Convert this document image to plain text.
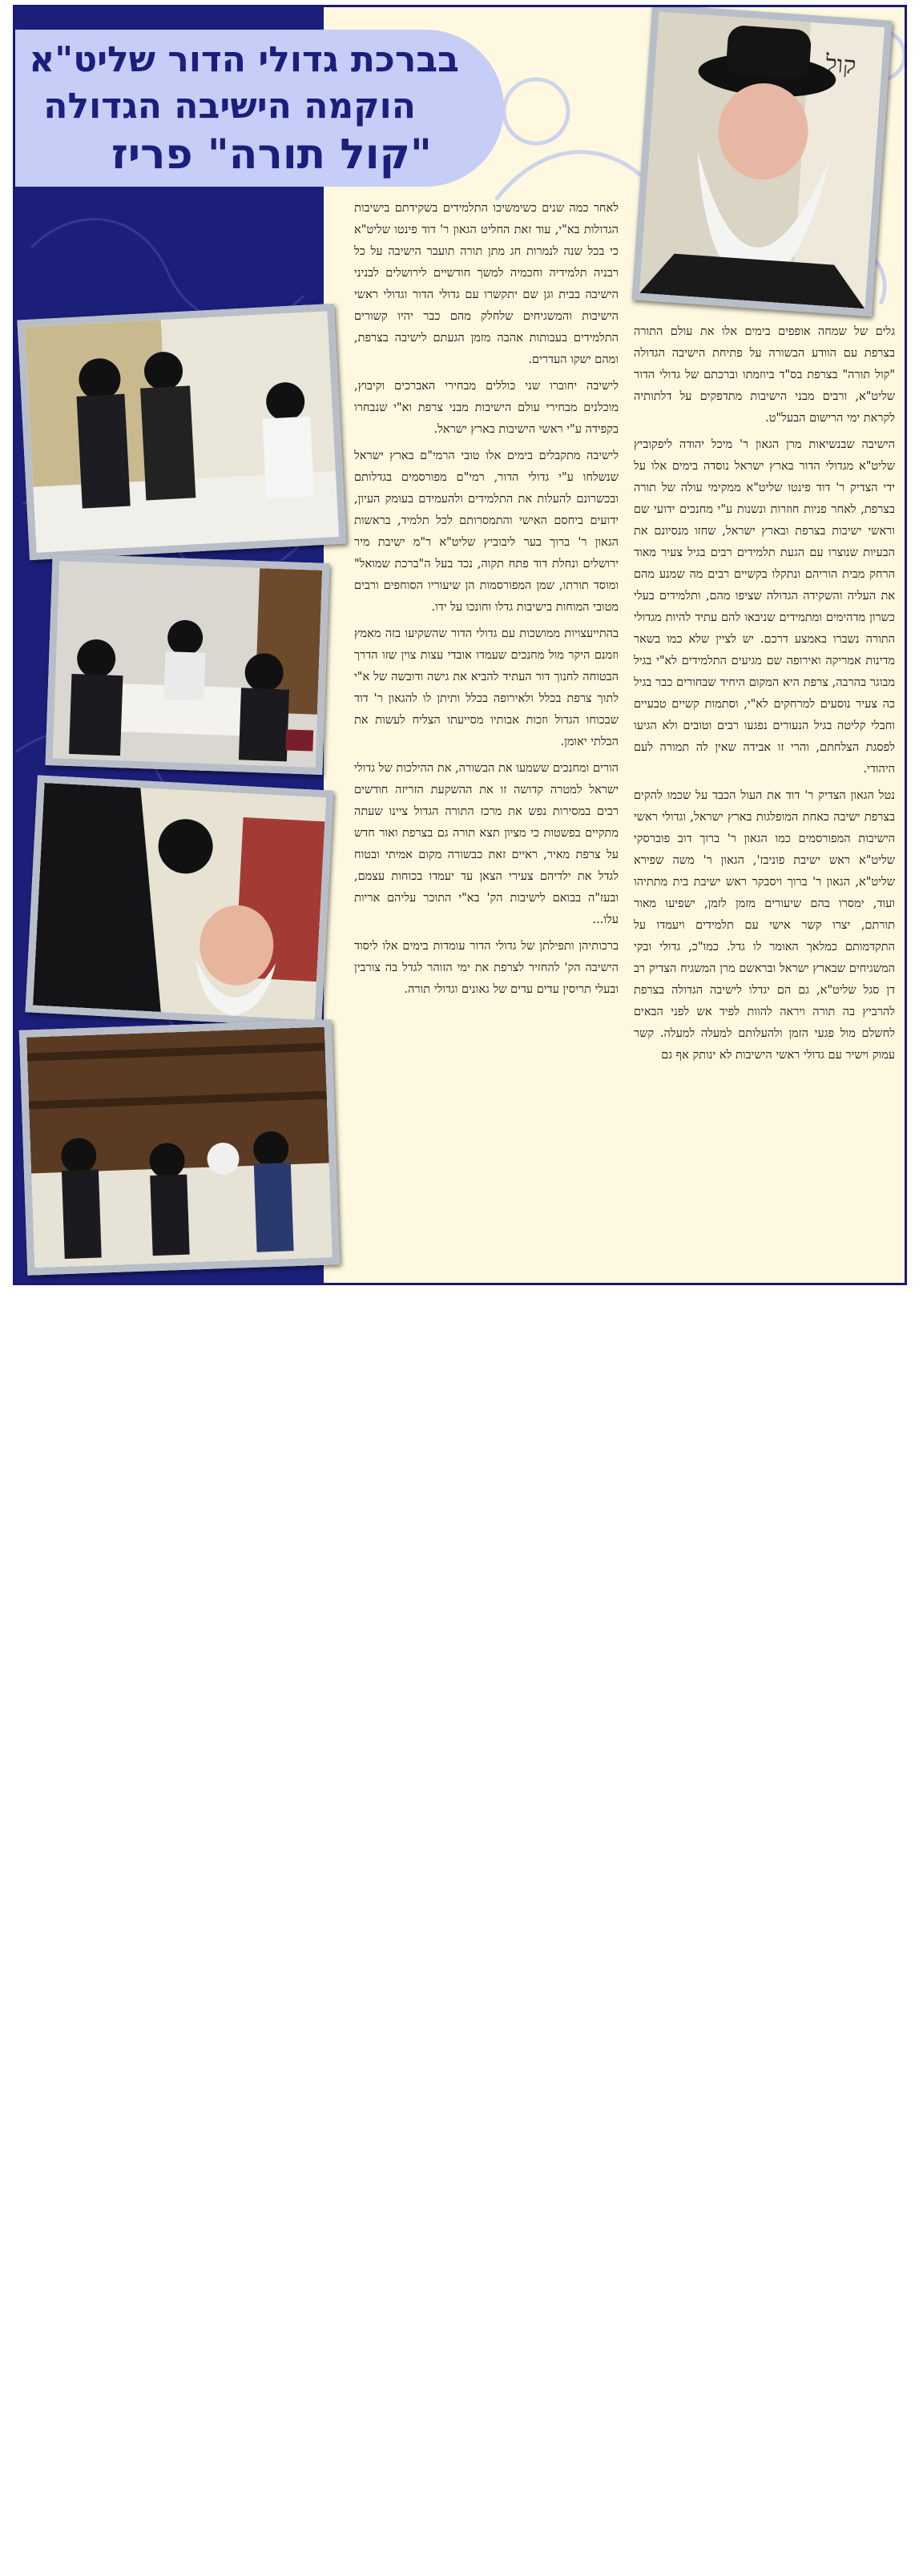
בברכת גדולי הדור שליט"א
הוקמה הישיבה הגדולה
"קול תורה" פריז
קול

גלים של שמחה אופפים בימים אלו את עולם התורה בצרפת עם הוודע הבשורה על פתיחת הישיבה הגדולה "קול תורה" בצרפת בס"ד ביוזמתו וברכתם של גדולי הדור שליט"א, ורבים מבני הישיבות מתדפקים על דלתותיה לקראת ימי הרישום הבעל"ט.

הישיבה שבנשיאות מרן הגאון ר' מיכל יהודה ליפקוביץ שליט"א מגדולי הדור בארץ ישראל נוסדה בימים אלו על ידי הצדיק ר' דוד פינטו שליט"א ממקימי עולה של תורה בצרפת, לאחר פניות חוזרות ונשנות ע"י מחנכים ידועי שם וראשי ישיבות בצרפת ובארץ ישראל, שחזו מנסיונם את הבעיות שנוצרו עם הגעת תלמידים רבים בגיל צעיר מאוד הרחק מבית הוריהם ונתקלו בקשיים רבים מה שמנע מהם את העליה והשקידה הגדולה שציפו מהם, ותלמידים בעלי כשרון מדהימים ומתמידים שניבאו להם עתיד להיות מגדולי התורה נשברו באמצע דרכם. יש לציין שלא כמו בשאר מדינות אמריקה ואירופה שם מגיעים התלמידים לא"י בגיל מבוגר בהרבה, צרפת היא המקום היחיד שבחורים כבר בגיל כה צעיר נוסעים למרחקים לא"י, וסתמות קשיים טבעיים וחבלי קליטה בגיל הנעורים נפגעו רבים וטובים ולא הגיעו לפסגת הצלחתם, והרי זו אבידה שאין לה תמורה לעם היהודי.

נטל הגאון הצדיק ר' דוד את העול הכבד על שכמו להקים בצרפת ישיבה כאחת המופלגות בארץ ישראל, וגדולי ראשי הישיבות המפורסמים כמו הגאון ר' ברוך דוב פוברסקי שליט"א ראש ישיבת פוניבז', הגאון ר' משה שפירא שליט"א, הגאון ר' ברוך ויסבקר ראש ישיבת בית מתתיהו ועוד, ימסרו בהם שיעורים מזמן לזמן, ישפיעו מאור תורתם, יצרו קשר אישי עם תלמידים ויעמדו על התקדמותם כמלאך האומר לו גדל. כמו"כ, גדולי ובקי המשגיחים שבארץ ישראל ובראשם מרן המשגיח הצדיק רב דן סגל שליט"א, גם הם יגדלו לישיבה הגדולה בצרפת להרביץ בה תורה ויראה להוות לפיד אש לפני הבאים לחשלם מול פגעי הזמן ולהעלותם למעלה למעלה. קשר עמוק וישיר עם גדולי ראשי הישיבות לא ינותק אף גם

לאחר כמה שנים כשימשיכו התלמידים בשקידתם בישיבות הגדולות בא"י, עוד זאת החליט הגאון ר' דוד פינטו שליט"א כי בכל שנה לנמרות חג מתן תורה תועבר הישיבה על כל רבניה תלמידיה וחכמיה למשך חודשיים לירושלים לבניני הישיבה בבית וגן שם יתקשרו עם גדולי הדור וגדולי ראשי הישיבות והמשגיחים שלחלק מהם כבר יהיו קשורים התלמידים בעבותות אהבה מזמן הגעתם לישיבה בצרפת, ומהם ישקו העדרים.

לישיבה יחוברו שני כוללים מבחירי האברכים וקיבוץ, מוכלנים מבחירי עולם הישיבות מבני צרפת וא"י שנבחרו בקפידה ע"י ראשי הישיבות בארץ ישראל.

לישיבה מתקבלים בימים אלו טובי הרמי"ם בארץ ישראל שנשלחו ע"י גדולי הדור, רמי"ם מפורסמים בגדלותם ובכשרונם להעלות את התלמידים ולהעמידם בעומק העיון, ידועים ביחסם האישי והתמסרותם לכל תלמיד, בראשות הגאון ר' ברוך בער ליבוביץ שליט"א ר"מ ישיבת מיר ירושלים ונחלת דוד פתח תקוה, נכד בעל ה"ברכת שמואל" ומוסד תורתו, שמן המפורסמות הן שיעוריו הסוחפים ורבים מטובי המוחות בישיבות גדלו וחונכו על ידו.

בהתייעצויות ממושכות עם גדולי הדור שהשקיעו בזה מאמץ וזמנם היקר מול מחנכים שעמדו אובדי עצות צוין שזו הדרך הבטוחה לחנוך דור העתיד להביא את גישה ודובשה של א"י לתוך צרפת בכלל ולאירופה בכלל ותיתן לו להגאון ר' דוד שבכוחו הגדול וזכות אבותיו מסייעתו הצליח לעשות את הבלתי יאומן.

הורים ומחנכים ששמעו את הבשורה, את ההילכות של גדולי ישראל למטרה קדושה זו את ההשקעת הזריזה חודשים רבים במסירות נפש את מרכז התורה הגדול ציינו שעתה מתקיים בפשטות כי מציון תצא תורה גם בצרפת ואור חדש על צרפת מאיר, ראיים זאת כבשורה מקום אמיתי ובטוח לגדל את ילדיהם צעירי הצאן עד יעמדו בכוחות עצמם, ובעז"ה בבואם לישיבות הק' בא"י התוכר עליהם אריות עלו...

ברכותיהן ותפילתן של גדולי הדור עומדות בימים אלו ליסוד הישיבה הק' להחזיר לצרפת את ימי הזוהר לגדל בה צורבין ובעלי תריסין עדים עדים של גאונים וגדולי תורה.
